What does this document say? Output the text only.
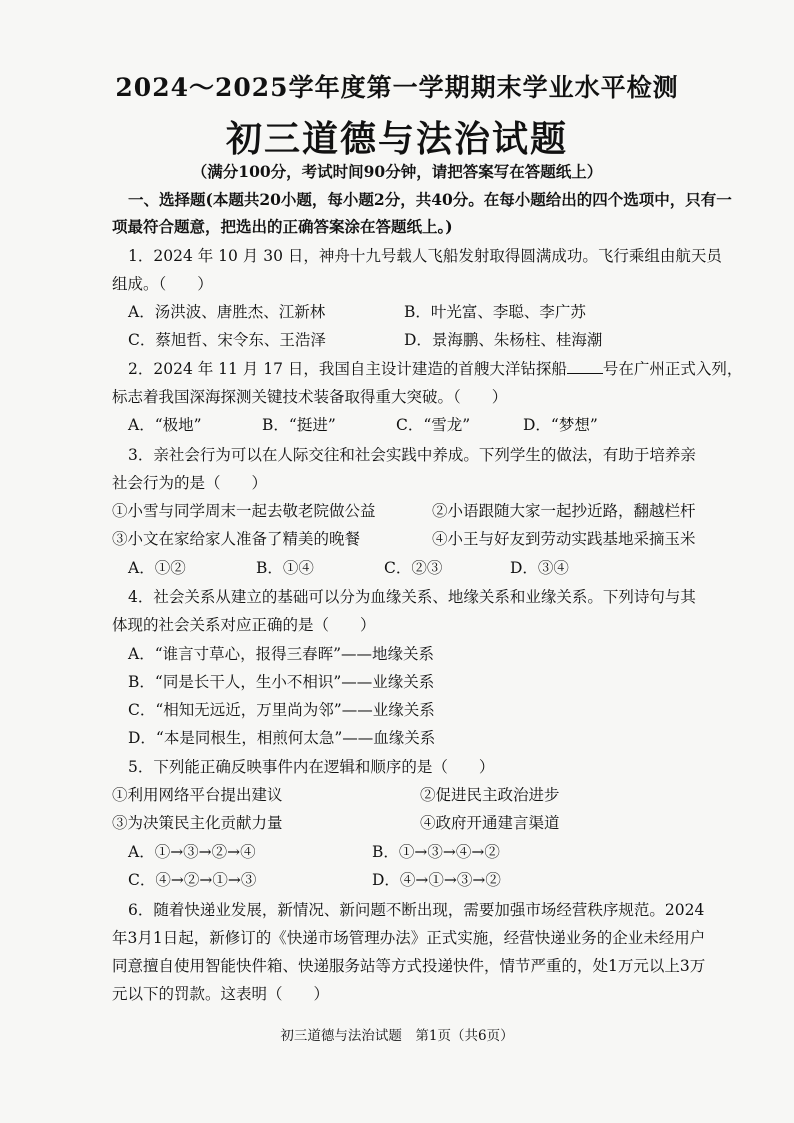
2024～2025学年度第一学期期末学业水平检测
初三道德与法治试题
（满分100分，考试时间90分钟，请把答案写在答题纸上）
一、选择题(本题共20小题，每小题2分，共40分。在每小题给出的四个选项中，只有一
项最符合题意，把选出的正确答案涂在答题纸上。)
1．2024 年 10 月 30 日，神舟十九号载人飞船发射取得圆满成功。飞行乘组由航天员
组成。（　　）
A．汤洪波、唐胜杰、江新林	B．叶光富、李聪、李广苏
C．蔡旭哲、宋令东、王浩泽	D．景海鹏、朱杨柱、桂海潮
2．2024 年 11 月 17 日，我国自主设计建造的首艘大洋钻探船 号在广州正式入列，
标志着我国深海探测关键技术装备取得重大突破。（　　）
A．“极地”	B．“挺进”	C．“雪龙”	D．“梦想”
3．亲社会行为可以在人际交往和社会实践中养成。下列学生的做法，有助于培养亲
社会行为的是（　　）
①小雪与同学周末一起去敬老院做公益	②小语跟随大家一起抄近路，翻越栏杆
③小文在家给家人准备了精美的晚餐	④小王与好友到劳动实践基地采摘玉米
A．①②	B．①④	C．②③	D．③④
4．社会关系从建立的基础可以分为血缘关系、地缘关系和业缘关系。下列诗句与其
体现的社会关系对应正确的是（　　）
A．“谁言寸草心，报得三春晖”——地缘关系
B．“同是长干人，生小不相识”——业缘关系
C．“相知无远近，万里尚为邻”——业缘关系
D．“本是同根生，相煎何太急”——血缘关系
5．下列能正确反映事件内在逻辑和顺序的是（　　）
①利用网络平台提出建议	②促进民主政治进步
③为决策民主化贡献力量	④政府开通建言渠道
A．①→③→②→④	B．①→③→④→②
C．④→②→①→③	D．④→①→③→②
6．随着快递业发展，新情况、新问题不断出现，需要加强市场经营秩序规范。2024
年3月1日起，新修订的《快递市场管理办法》正式实施，经营快递业务的企业未经用户
同意擅自使用智能快件箱、快递服务站等方式投递快件，情节严重的，处1万元以上3万
元以下的罚款。这表明（　　）
初三道德与法治试题　第1页（共6页）
